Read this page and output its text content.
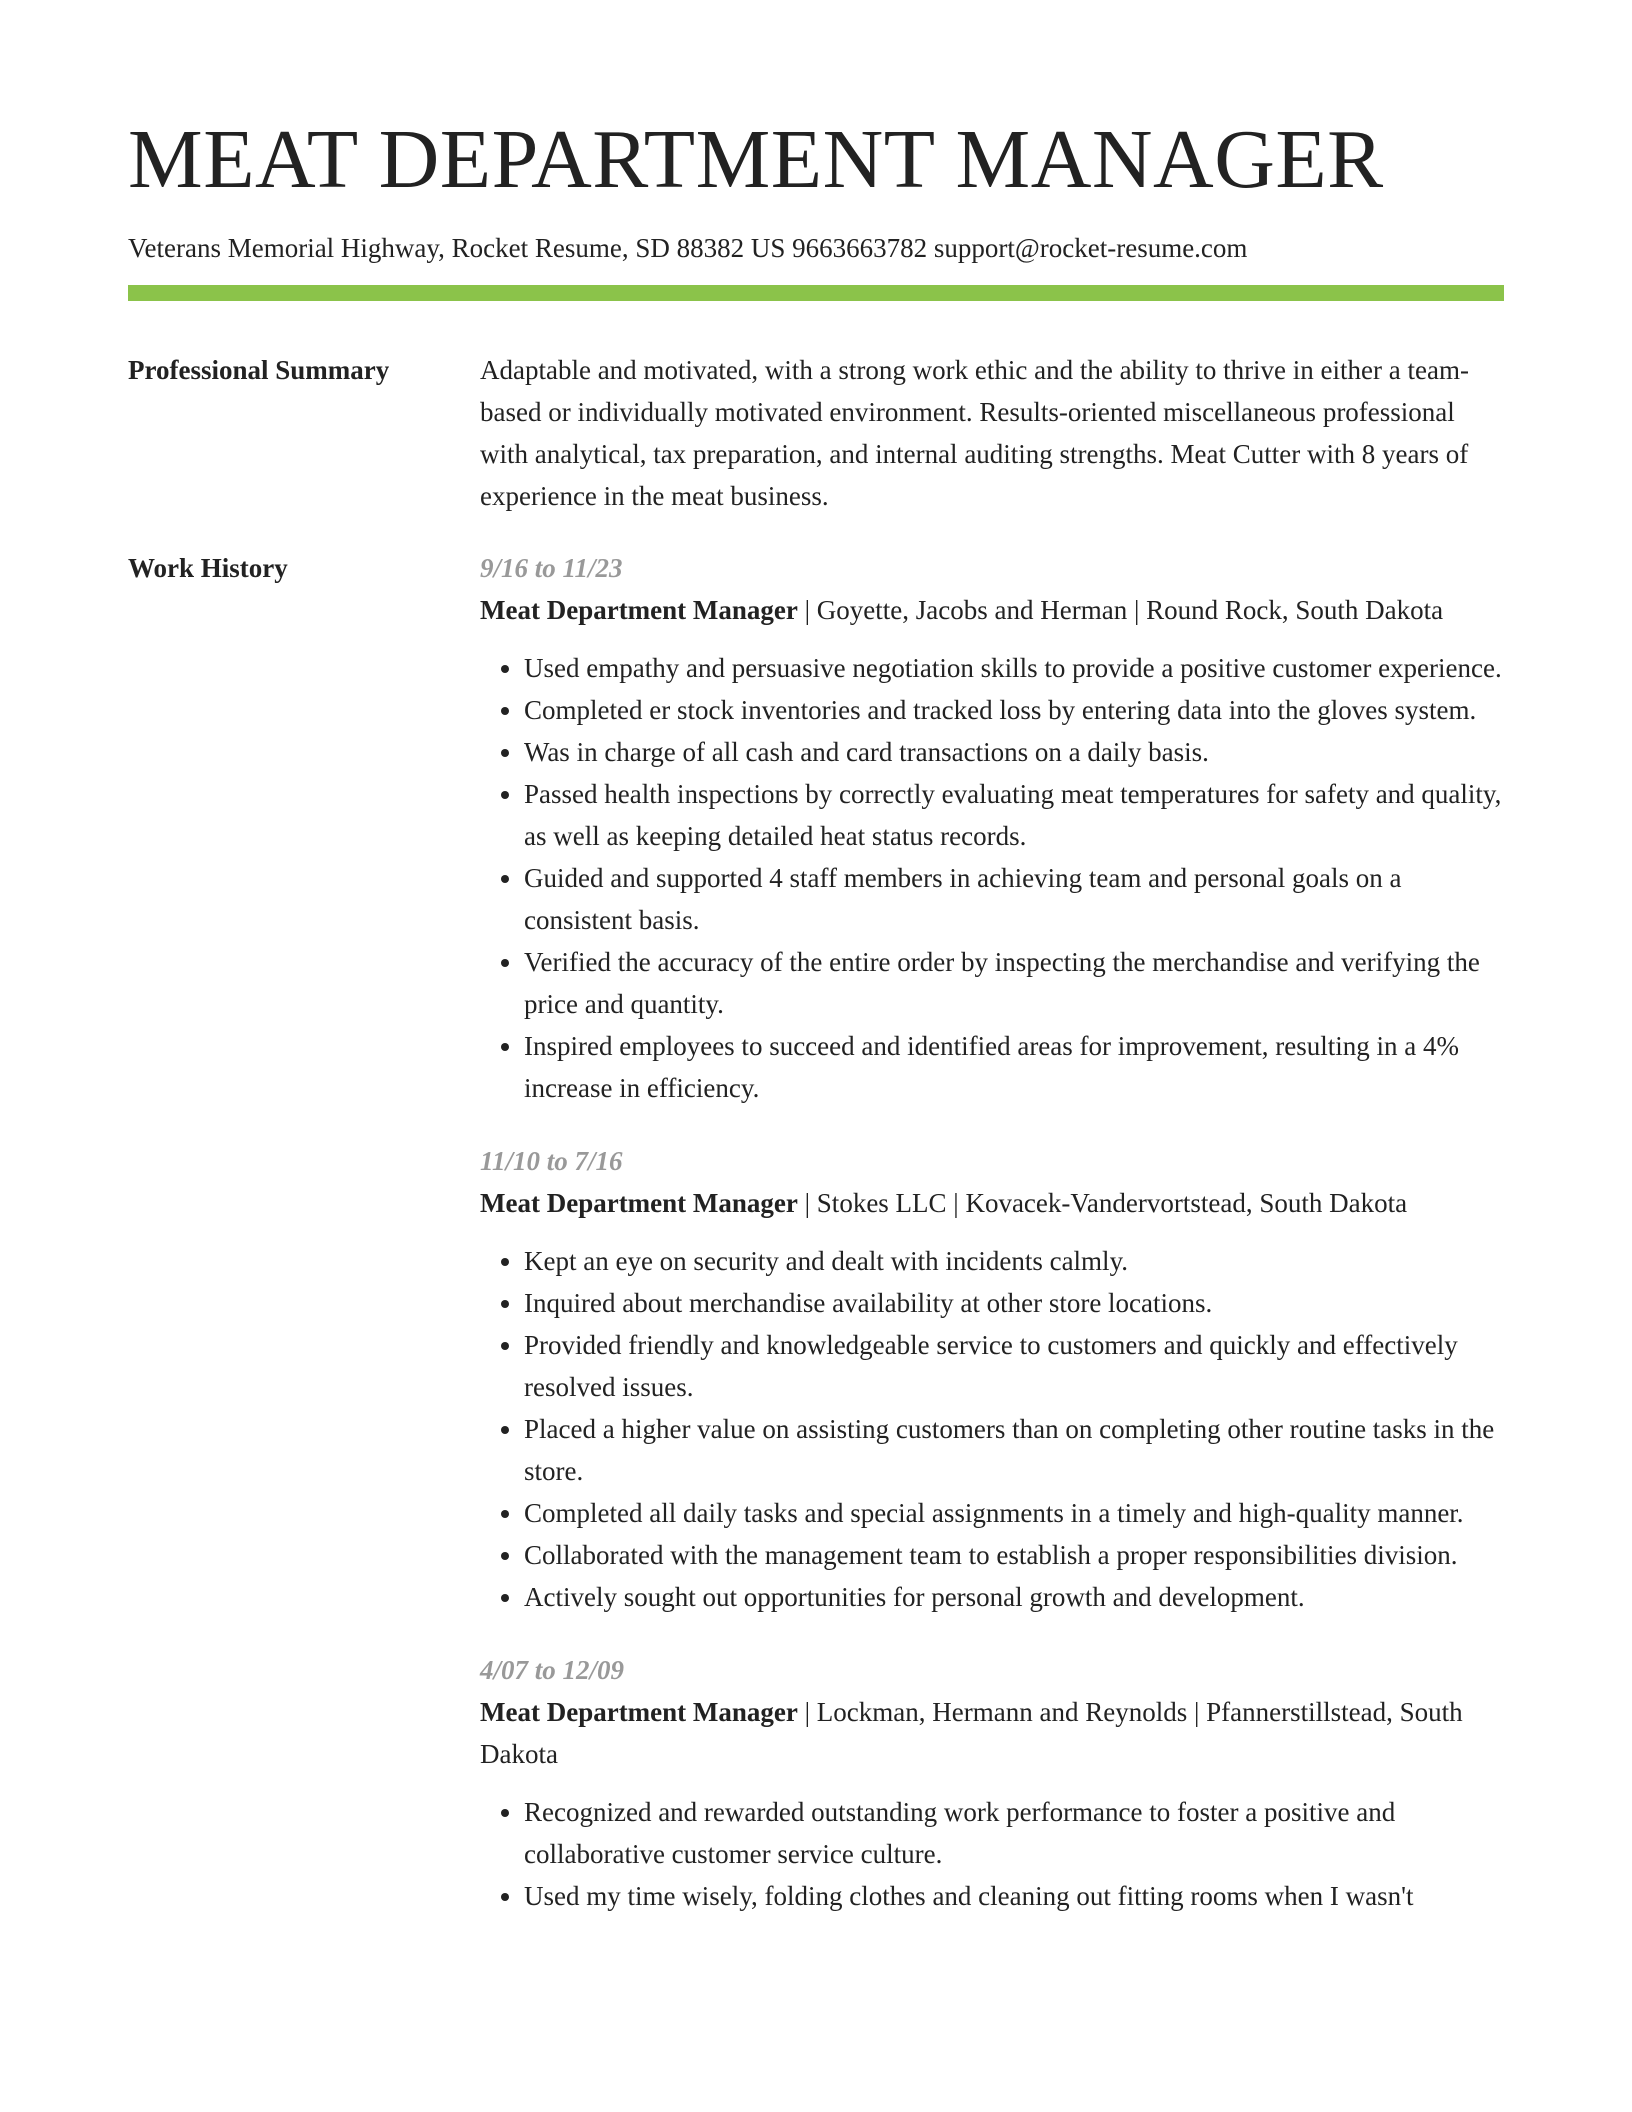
MEAT DEPARTMENT MANAGER
Veterans Memorial Highway, Rocket Resume, SD 88382 US 9663663782 support@rocket-resume.com
Professional Summary	Adaptable and motivated, with a strong work ethic and the ability to thrive in either a team-based or individually motivated environment. Results-oriented miscellaneous professional with analytical, tax preparation, and internal auditing strengths. Meat Cutter with 8 years of experience in the meat business.

Work History	9/16 to 11/23

Meat Department Manager | Goyette, Jacobs and Herman | Round Rock, South Dakota

• Used empathy and persuasive negotiation skills to provide a positive customer experience.
• Completed er stock inventories and tracked loss by entering data into the gloves system.
• Was in charge of all cash and card transactions on a daily basis.
• Passed health inspections by correctly evaluating meat temperatures for safety and quality, as well as keeping detailed heat status records.
• Guided and supported 4 staff members in achieving team and personal goals on a consistent basis.
• Verified the accuracy of the entire order by inspecting the merchandise and verifying the price and quantity.
• Inspired employees to succeed and identified areas for improvement, resulting in a 4% increase in efficiency.
11/10 to 7/16

Meat Department Manager | Stokes LLC | Kovacek-Vandervortstead, South Dakota

• Kept an eye on security and dealt with incidents calmly.
• Inquired about merchandise availability at other store locations.
• Provided friendly and knowledgeable service to customers and quickly and effectively resolved issues.
• Placed a higher value on assisting customers than on completing other routine tasks in the store.
• Completed all daily tasks and special assignments in a timely and high-quality manner.
• Collaborated with the management team to establish a proper responsibilities division.
• Actively sought out opportunities for personal growth and development.
4/07 to 12/09

Meat Department Manager | Lockman, Hermann and Reynolds | Pfannerstillstead, South Dakota

• Recognized and rewarded outstanding work performance to foster a positive and collaborative customer service culture.
• Used my time wisely, folding clothes and cleaning out fitting rooms when I wasn't
